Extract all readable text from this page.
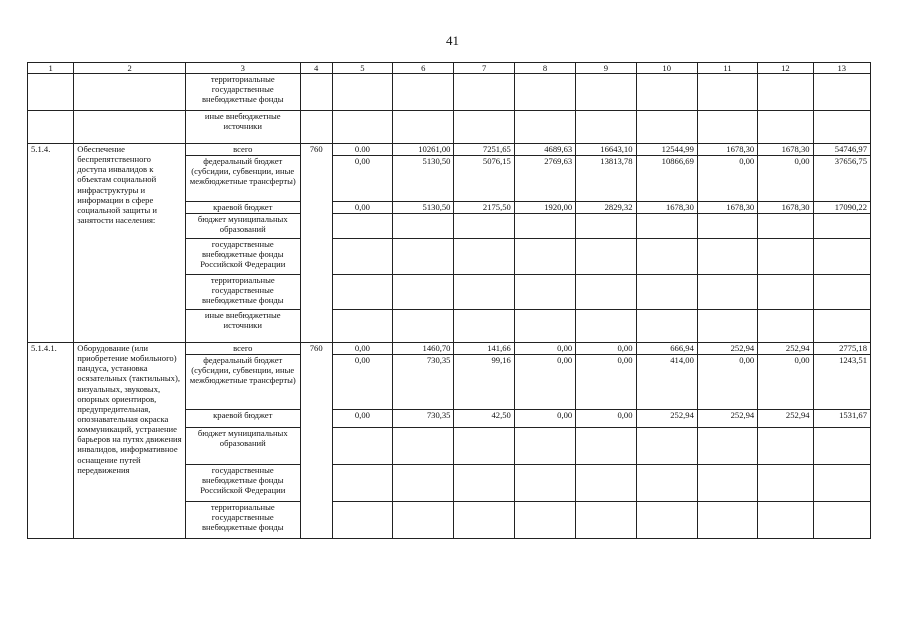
41
1	2	3	4	5	6	7	8	9	10	11	12	13
		территориальные государственные внебюджетные фонды										
		иные внебюджетные источники										
5.1.4.	Обеспечение беспрепятственного доступа инвалидов к объектам социальной инфраструктуры и информации в сфере социальной защиты и занятости населения:	всего	760	0.00	10261,00	7251,65	4689,63	16643,10	12544,99	1678,30	1678,30	54746,97
		федеральный бюджет (субсидии, субвенции, иные межбюджетные трансферты)		0,00	5130,50	5076,15	2769,63	13813,78	10866,69	0,00	0,00	37656,75
		краевой бюджет		0,00	5130,50	2175,50	1920,00	2829,32	1678,30	1678,30	1678,30	17090,22
		бюджет муниципальных образований										
		государственные внебюджетные фонды Российской Федерации										
		территориальные государственные внебюджетные фонды										
		иные внебюджетные источники										
5.1.4.1.	Оборудование (или приобретение мобильного) пандуса, установка осязательных (тактильных), визуальных, звуковых, опорных ориентиров, предупредительная, опознавательная окраска коммуникаций, устранение барьеров на путях движения инвалидов, информативное оснащение путей передвижения	всего	760	0,00	1460,70	141,66	0,00	0,00	666,94	252,94	252,94	2775,18
		федеральный бюджет (субсидии, субвенции, иные межбюджетные трансферты)		0,00	730,35	99,16	0,00	0,00	414,00	0,00	0,00	1243,51
		краевой бюджет		0,00	730,35	42,50	0,00	0,00	252,94	252,94	252,94	1531,67
		бюджет муниципальных образований										
		государственные внебюджетные фонды Российской Федерации										
		территориальные государственные внебюджетные фонды										
